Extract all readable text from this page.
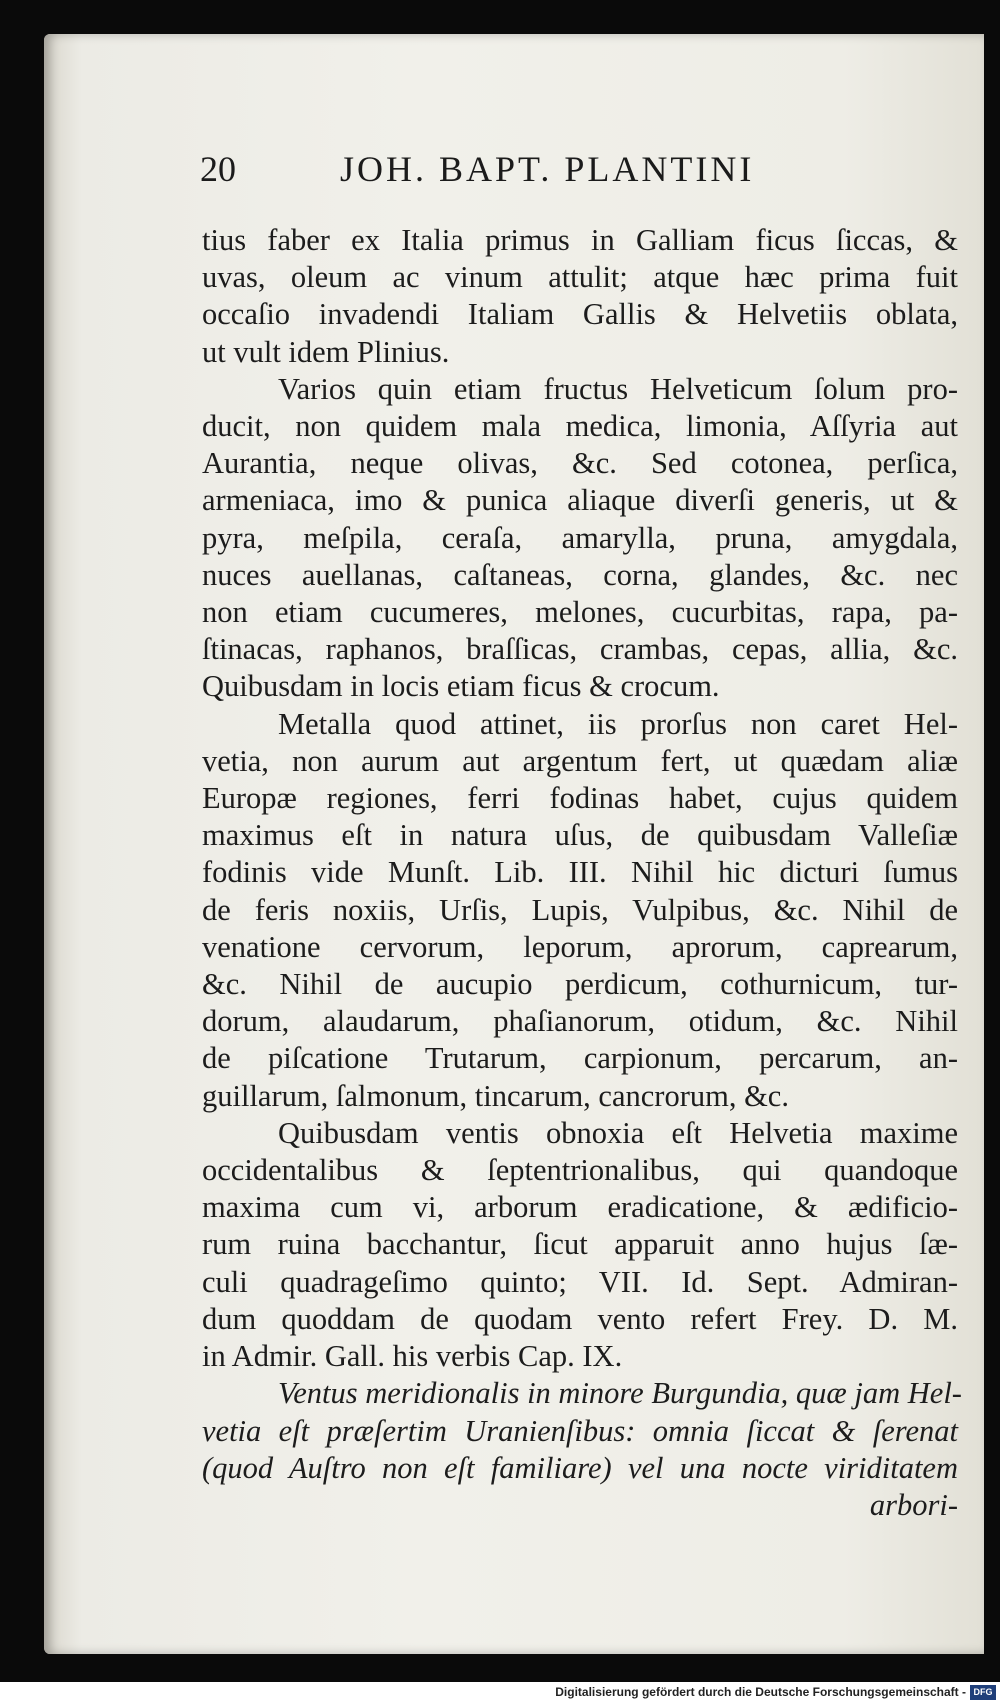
20	JOH. BAPT. PLANTINI
tius faber ex Italia primus in Galliam ficus ſiccas, &
uvas, oleum ac vinum attulit; atque hæc prima fuit
occaſio invadendi Italiam Gallis & Helvetiis oblata,
ut vult idem Plinius.
Varios quin etiam fructus Helveticum ſolum pro-
ducit, non quidem mala medica, limonia, Aſſyria aut
Aurantia, neque olivas, &c. Sed cotonea, perſica,
armeniaca, imo & punica aliaque diverſi generis, ut &
pyra, meſpila, ceraſa, amarylla, pruna, amygdala,
nuces auellanas, caſtaneas, corna, glandes, &c. nec
non etiam cucumeres, melones, cucurbitas, rapa, pa-
ſtinacas, raphanos, braſſicas, crambas, cepas, allia, &c.
Quibusdam in locis etiam ficus & crocum.
Metalla quod attinet, iis prorſus non caret Hel-
vetia, non aurum aut argentum fert, ut quædam aliæ
Europæ regiones, ferri fodinas habet, cujus quidem
maximus eſt in natura uſus, de quibusdam Valleſiæ
fodinis vide Munſt. Lib. III. Nihil hic dicturi ſumus
de feris noxiis, Urſis, Lupis, Vulpibus, &c. Nihil de
venatione cervorum, leporum, aprorum, caprearum,
&c. Nihil de aucupio perdicum, cothurnicum, tur-
dorum, alaudarum, phaſianorum, otidum, &c. Nihil
de piſcatione Trutarum, carpionum, percarum, an-
guillarum, ſalmonum, tincarum, cancrorum, &c.
Quibusdam ventis obnoxia eſt Helvetia maxime
occidentalibus & ſeptentrionalibus, qui quandoque
maxima cum vi, arborum eradicatione, & ædificio-
rum ruina bacchantur, ſicut apparuit anno hujus ſæ-
culi quadrageſimo quinto; VII. Id. Sept. Admiran-
dum quoddam de quodam vento refert Frey. D. M.
in Admir. Gall. his verbis Cap. IX.
Ventus meridionalis in minore Burgundia, quæ jam Hel-
vetia eſt præſertim Uranienſibus: omnia ſiccat & ſerenat
(quod Auſtro non eſt familiare) vel una nocte viriditatem
arbori-
Digitalisierung gefördert durch die Deutsche Forschungsgemeinschaft - DFG
